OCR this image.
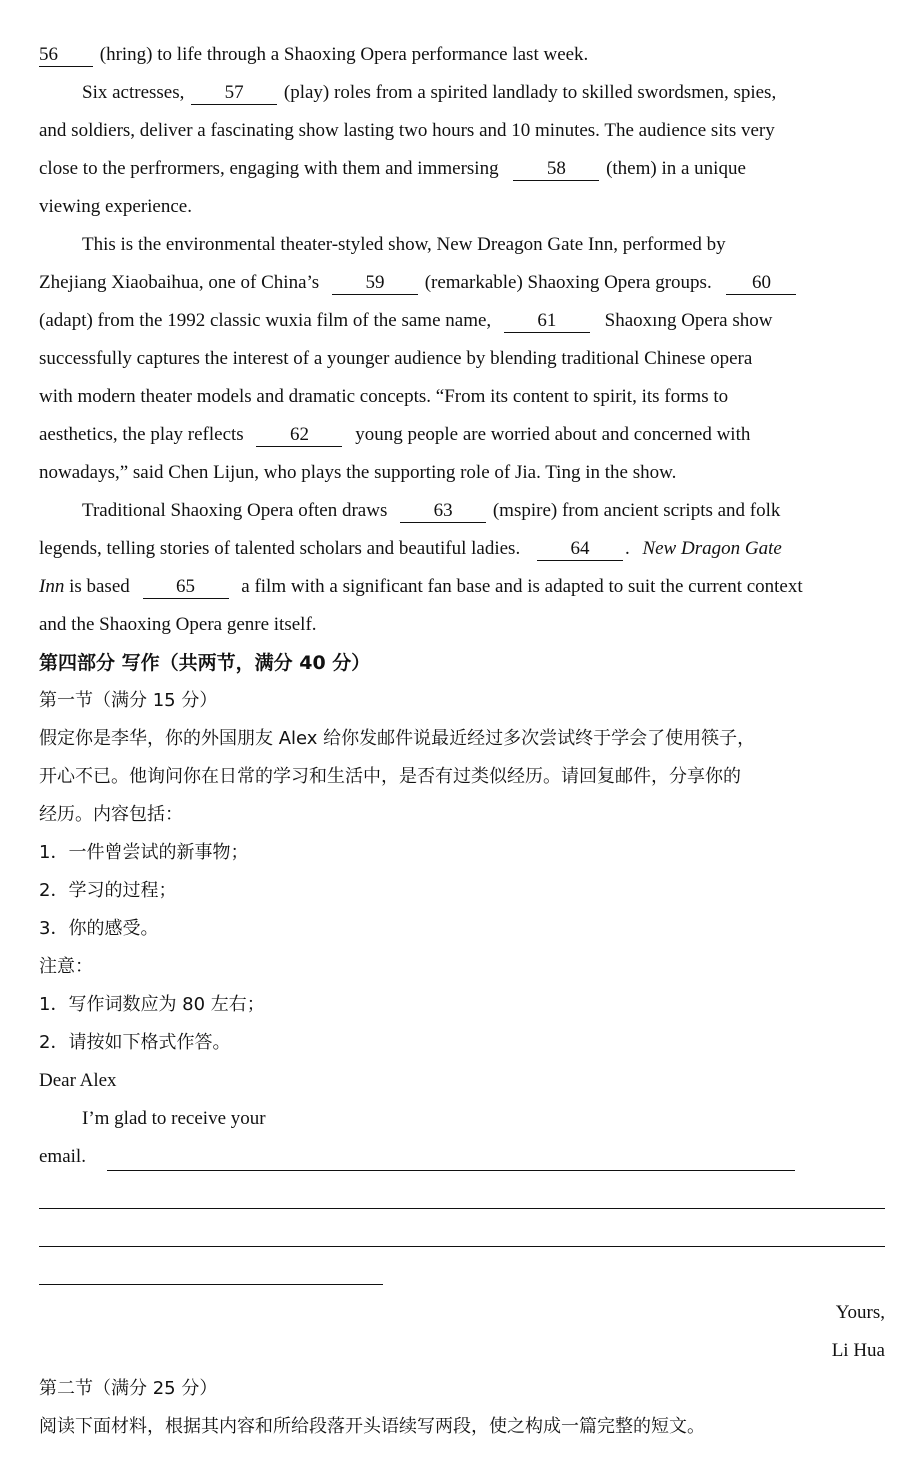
56 (hring) to life through a Shaoxing Opera performance last week.
Six actresses, 57 (play) roles from a spirited landlady to skilled swordsmen, spies,
and soldiers, deliver a fascinating show lasting two hours and 10 minutes. The audience sits very
close to the perfrormers, engaging with them and immersing	58 (them) in a unique
viewing experience.
This is the environmental theater-styled show, New Dreagon Gate Inn, performed by
Zhejiang Xiaobaihua, one of China’s 59 (remarkable) Shaoxing Opera groups. 60
(adapt) from the 1992 classic wuxia film of the same name, 61	Shaoxıng Opera show
successfully captures the interest of a younger audience by blending traditional Chinese opera
with modern theater models and dramatic concepts. “From its content to spirit, its forms to
aesthetics, the play reflects 62 young people are worried about and concerned with
nowadays,” said Chen Lijun, who plays the supporting role of Jia. Ting in the show.
Traditional Shaoxing Opera often draws 63 (mspire) from ancient scripts and folk
legends, telling stories of talented scholars and beautiful ladies.	64 . New Dragon Gate
Inn is based 65 a film with a significant fan base and is adapted to suit the current context
and the Shaoxing Opera genre itself.
第四部分 写作（共两节，满分 40 分）
第一节（满分 15 分）
假定你是李华，你的外国朋友 Alex 给你发邮件说最近经过多次尝试终于学会了使用筷子，
开心不已。他询问你在日常的学习和生活中，是否有过类似经历。请回复邮件，分享你的
经历。内容包括：
1．一件曾尝试的新事物；
2．学习的过程；
3．你的感受。
注意：
1．写作词数应为 80 左右；
2．请按如下格式作答。
Dear Alex
I’m glad to receive your
email.
Yours,
Li Hua
第二节（满分 25 分）
阅读下面材料，根据其内容和所给段落开头语续写两段，使之构成一篇完整的短文。
